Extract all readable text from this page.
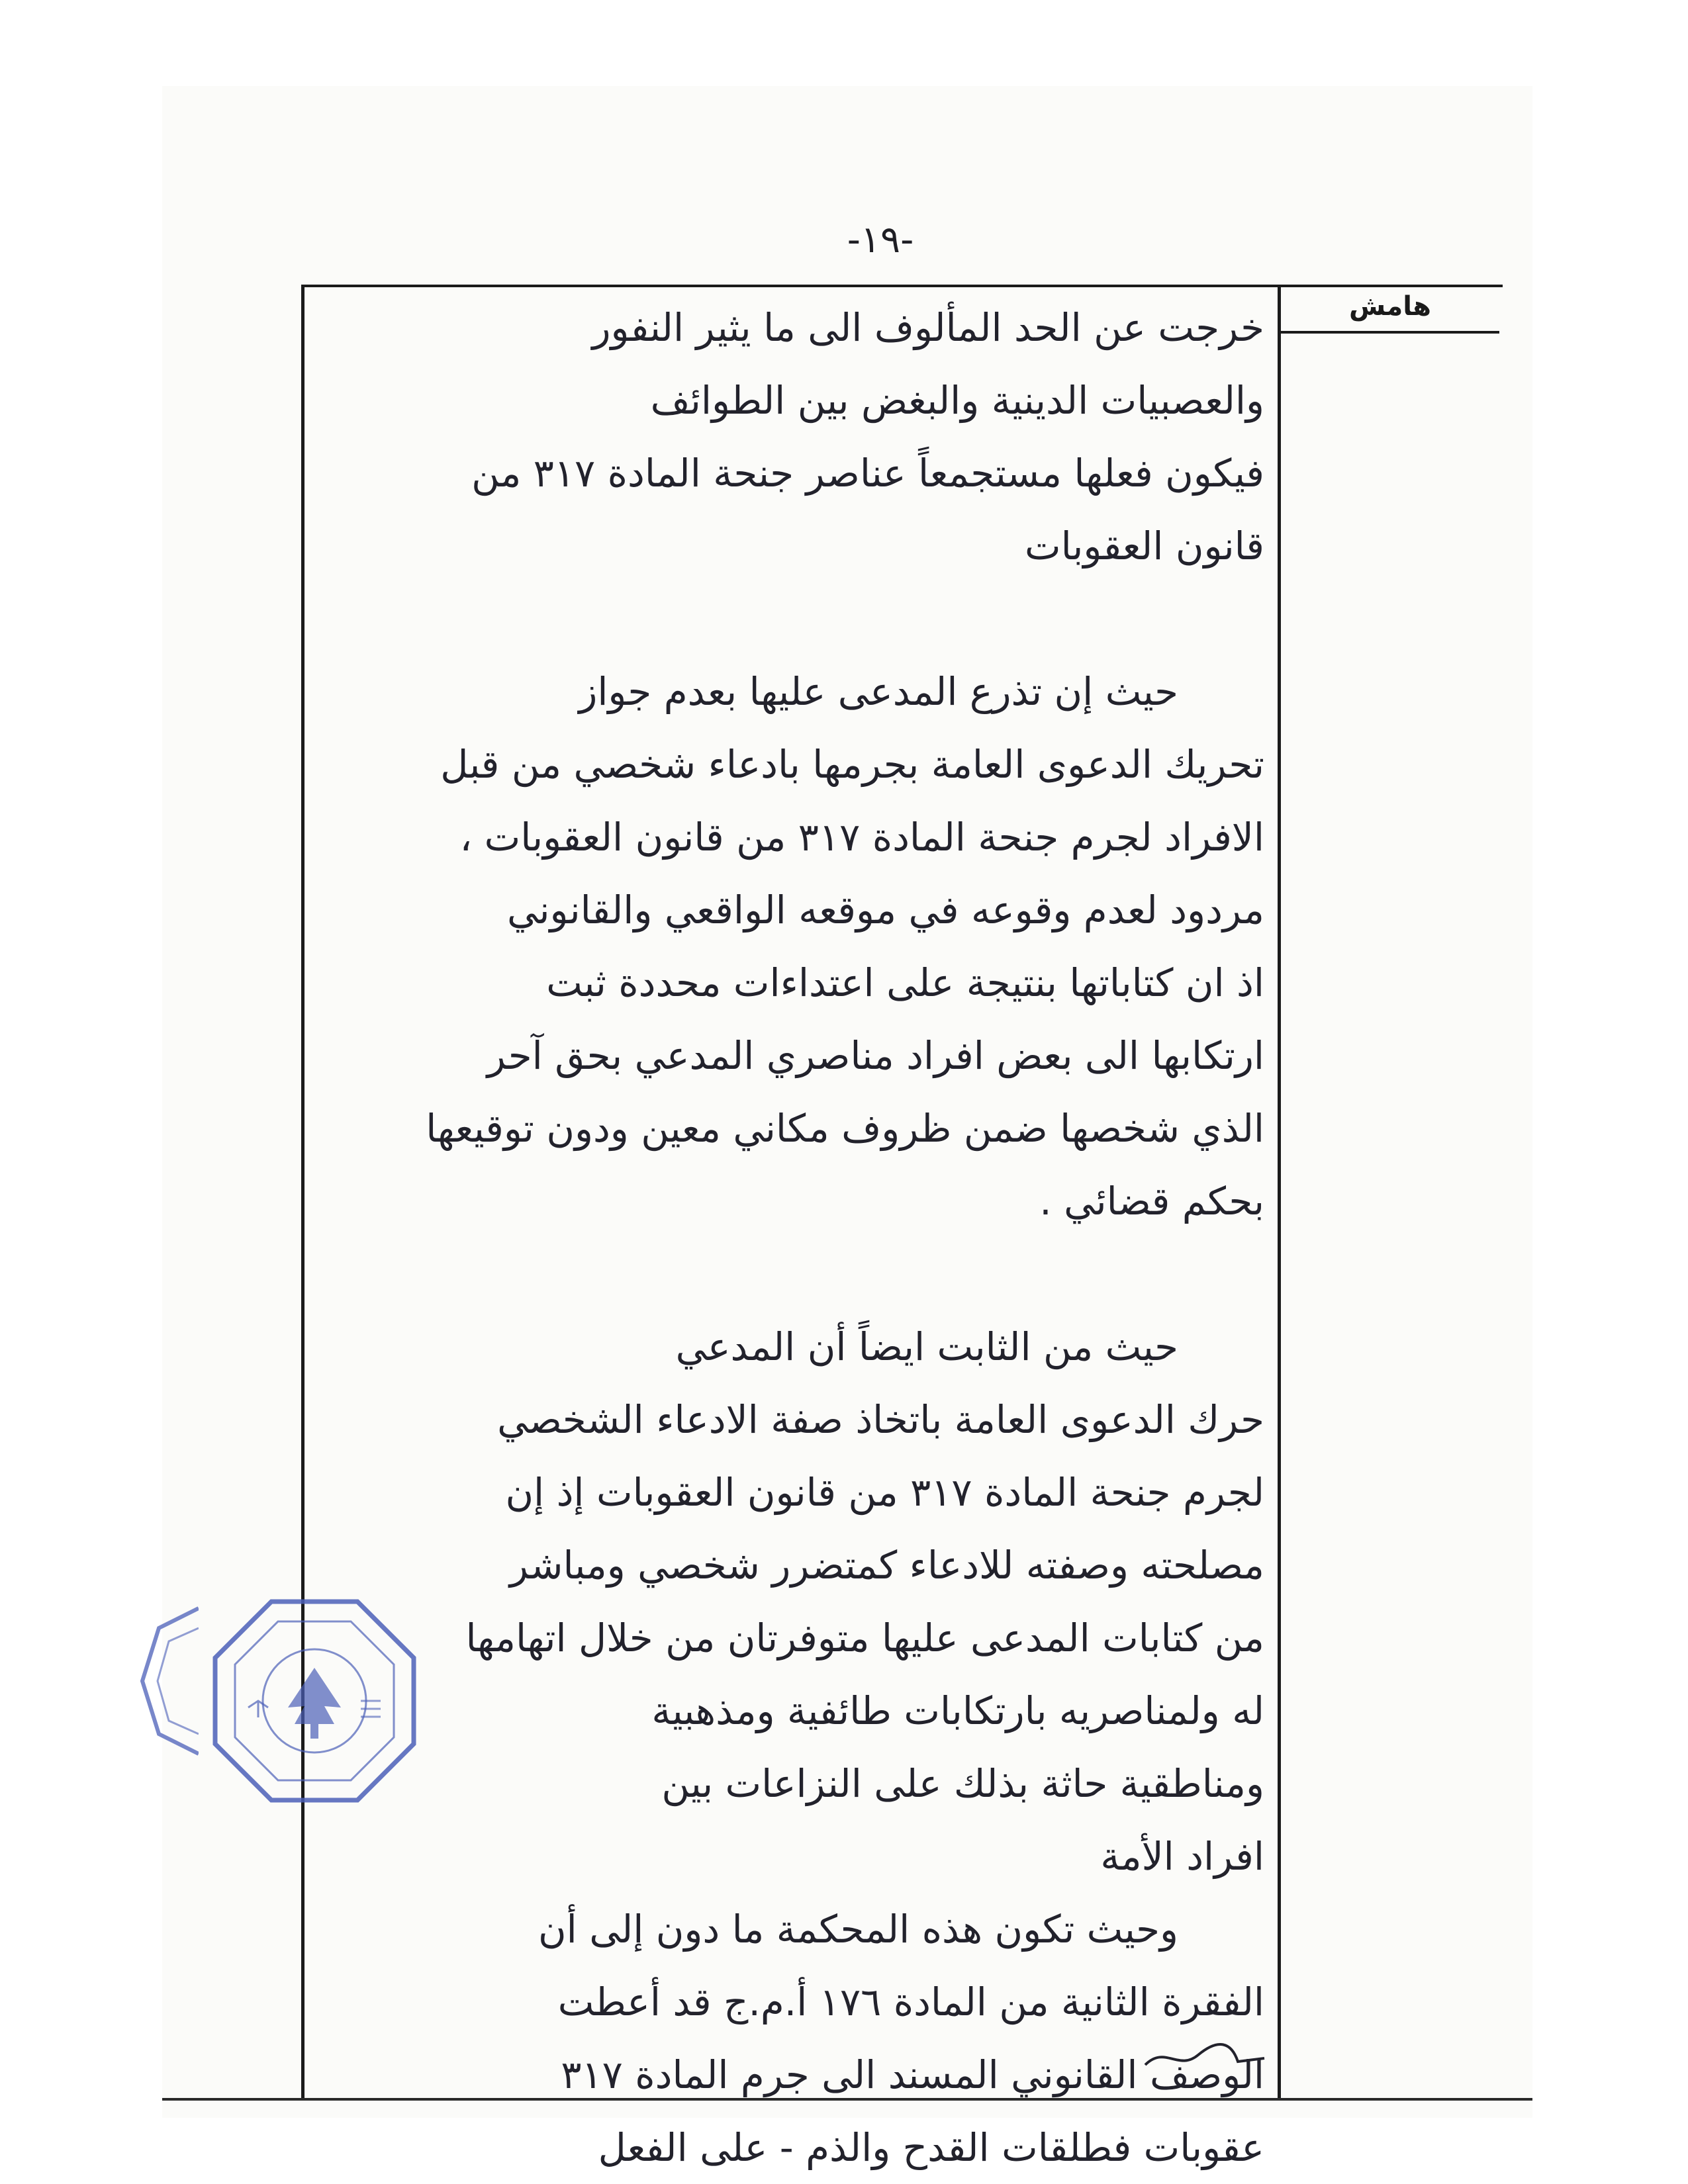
-١٩-
هامش
خرجت عن الحد المألوف الى ما يثير النفور
والعصبيات الدينية والبغض بين الطوائف
فيكون فعلها مستجمعاً عناصر جنحة المادة ٣١٧ من
قانون العقوبات
حيث إن تذرع المدعى عليها بعدم جواز
تحريك الدعوى العامة بجرمها بادعاء شخصي من قبل
الافراد لجرم جنحة المادة ٣١٧ من قانون العقوبات ،
مردود لعدم وقوعه في موقعه الواقعي والقانوني
اذ ان كتاباتها بنتيجة على اعتداءات محددة ثبت
ارتكابها الى بعض افراد مناصري المدعي بحق آحر
الذي شخصها ضمن ظروف مكاني معين ودون توقيعها
بحكم قضائي .
حيث من الثابت ايضاً أن المدعي
حرك الدعوى العامة باتخاذ صفة الادعاء الشخصي
لجرم جنحة المادة ٣١٧ من قانون العقوبات إذ إن
مصلحته وصفته للادعاء كمتضرر شخصي ومباشر
من كتابات المدعى عليها متوفرتان من خلال اتهامها
له ولمناصريه بارتكابات طائفية ومذهبية
ومناطقية حاثة بذلك على النزاعات بين
افراد الأمة
وحيث تكون هذه المحكمة ما دون إلى أن
الفقرة الثانية من المادة ١٧٦ أ.م.ج قد أعطت
الوصف القانوني المسند الى جرم المادة ٣١٧
عقوبات فطلقات القدح والذم - على الفعل
